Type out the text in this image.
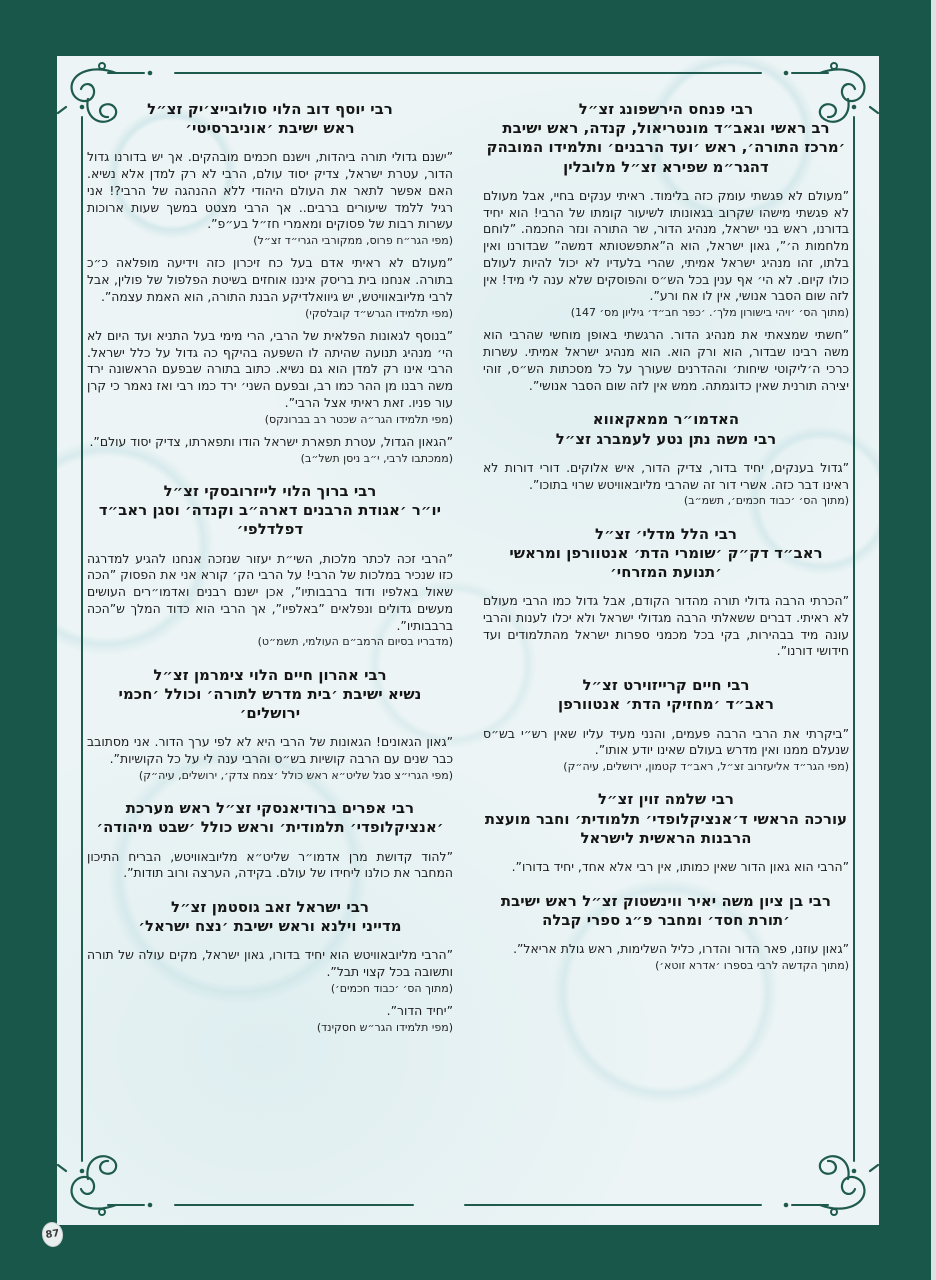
רבי פנחס הירשפונג זצ״ל
רב ראשי וגאב״ד מונטריאול, קנדה, ראש ישיבת ׳מרכז התורה׳, ראש ׳ועד הרבנים׳ ותלמידו המובהק דהגר״מ שפירא זצ״ל מלובלין

”מעולם לא פגשתי עומק כזה בלימוד. ראיתי ענקים בחיי, אבל מעולם לא פגשתי מישהו שקרוב בגאונותו לשיעור קומתו של הרבי! הוא יחיד בדורנו, ראש בני ישראל, מנהיג הדור, שר התורה ונזר החכמה. ”לוחם מלחמות ה׳”, גאון ישראל, הוא ה”אתפשטותא דמשה” שבדורנו ואין בלתו, זהו מנהיג ישראל אמיתי, שהרי בלעדיו לא יכול להיות לעולם כולו קיום. לא הי׳ אף ענין בכל הש״ס והפוסקים שלא ענה לי מיד! אין לזה שום הסבר אנושי, אין לו אח ורע”.

(מתוך הס׳ ׳ויהי בישורון מלך׳. ׳כפר חב״ד׳ גיליון מס׳ 147)

”חשתי שמצאתי את מנהיג הדור. הרגשתי באופן מוחשי שהרבי הוא משה רבינו שבדור, הוא ורק הוא. הוא מנהיג ישראל אמיתי. עשרות כרכי ה׳ליקוטי שיחות׳ וההדרנים שעורך על כל מסכתות הש״ס, זוהי יצירה תורנית שאין כדוגמתה. ממש אין לזה שום הסבר אנושי”.

האדמו״ר ממאקאווא
רבי משה נתן נטע לעמברג זצ״ל

”גדול בענקים, יחיד בדור, צדיק הדור, איש אלוקים. דורי דורות לא ראינו דבר כזה. אשרי דור זה שהרבי מליובאוויטש שרוי בתוכו”.

(מתוך הס׳ ׳כבוד חכמים׳, תשמ״ב)

רבי הלל מדלי׳ זצ״ל
ראב״ד דק״ק ׳שומרי הדת׳ אנטוורפן ומראשי ׳תנועת המזרחי׳

”הכרתי הרבה גדולי תורה מהדור הקודם, אבל גדול כמו הרבי מעולם לא ראיתי. דברים ששאלתי הרבה מגדולי ישראל ולא יכלו לענות והרבי עונה מיד בבהירות, בקי בכל מכמני ספרות ישראל מהתלמודים ועד חידושי דורנו”.

רבי חיים קרייזוירט זצ״ל
ראב״ד ׳מחזיקי הדת׳ אנטוורפן

”ביקרתי את הרבי הרבה פעמים, והנני מעיד עליו שאין רש״י בש״ס שנעלם ממנו ואין מדרש בעולם שאינו יודע אותו”.

(מפי הגר״ד אליעזרוב זצ״ל, ראב״ד קטמון, ירושלים, עיה״ק)

רבי שלמה זוין זצ״ל
עורכה הראשי ד׳אנציקלופדי׳ תלמודית׳ וחבר מועצת הרבנות הראשית לישראל

”הרבי הוא גאון הדור שאין כמותו, אין רבי אלא אחד, יחיד בדורו”.

רבי בן ציון משה יאיר ווינשטוק זצ״ל ראש ישיבת ׳תורת חסד׳ ומחבר פ״ג ספרי קבלה

”גאון עוזנו, פאר הדור והדרו, כליל השלימות, ראש גולת אריאל”.

(מתוך הקדשה לרבי בספרו ׳אדרא זוטא׳)

רבי יוסף דוב הלוי סולובייצ׳יק זצ״ל
ראש ישיבת ׳אוניברסיטי׳

”ישנם גדולי תורה ביהדות, וישנם חכמים מובהקים. אך יש בדורנו גדול הדור, עטרת ישראל, צדיק יסוד עולם, הרבי לא רק למדן אלא נשיא. האם אפשר לתאר את העולם היהודי ללא ההנהגה של הרבי?! אני רגיל ללמד שיעורים ברבים.. אך הרבי מצטט במשך שעות ארוכות עשרות רבות של פסוקים ומאמרי חז״ל בע״פ”.

(מפי הגר״ח פרוס, ממקורבי הגרי״ד זצ״ל)

”מעולם לא ראיתי אדם בעל כח זיכרון כזה וידיעה מופלאה כ״כ בתורה. אנחנו בית בריסק איננו אוחזים בשיטת הפלפול של פולין, אבל לרבי מליובאוויטש, יש גיוואלדיקע הבנת התורה, הוא האמת עצמה”.

(מפי תלמידו הגרש״ד קובלסקי)

”בנוסף לגאונות הפלאית של הרבי, הרי מימי בעל התניא ועד היום לא הי׳ מנהיג תנועה שהיתה לו השפעה בהיקף כה גדול על כלל ישראל. הרבי אינו רק למדן הוא גם נשיא. כתוב בתורה שבפעם הראשונה ירד משה רבנו מן ההר כמו רב, ובפעם השני׳ ירד כמו רבי ואז נאמר כי קרן עור פניו. זאת ראיתי אצל הרבי”.

(מפי תלמידו הגר״ה שכטר רב בברונקס)

”הגאון הגדול, עטרת תפארת ישראל הודו ותפארתו, צדיק יסוד עולם”.

(ממכתבו לרבי, י״ב ניסן תשל״ב)

רבי ברוך הלוי לייזרובסקי זצ״ל
יו״ר ׳אגודת הרבנים דארה״ב וקנדה׳ וסגן ראב״ד דפלדלפי׳

”הרבי זכה לכתר מלכות, השי״ת יעזור שנזכה אנחנו להגיע למדרגה כזו שנכיר במלכות של הרבי! על הרבי הק׳ קורא אני את הפסוק ”הכה שאול באלפיו ודוד ברבבותיו”, אכן ישנם רבנים ואדמו״רים העושים מעשים גדולים ונפלאים ”באלפיו”, אך הרבי הוא כדוד המלך ש”הכה ברבבותיו”.

(מדבריו בסיום הרמב״ם העולמי, תשמ״ט)

רבי אהרון חיים הלוי צימרמן זצ״ל
נשיא ישיבת ׳בית מדרש לתורה׳ וכולל ׳חכמי ירושלים׳

”גאון הגאונים! הגאונות של הרבי היא לא לפי ערך הדור. אני מסתובב כבר שנים עם הרבה קושיות בש״ס והרבי ענה לי על כל הקושיות”.

(מפי הגרי״צ סגל שליט״א ראש כולל ׳צמח צדק׳, ירושלים, עיה״ק)

רבי אפרים ברודיאנסקי זצ״ל ראש מערכת ׳אנציקלופדי׳ תלמודית׳ וראש כולל ׳שבט מיהודה׳

”להוד קדושת מרן אדמו״ר שליט״א מליובאוויטש, הבריח התיכון המחבר את כולנו ליחידו של עולם. בקידה, הערצה ורוב תודות”.

רבי ישראל זאב גוסטמן זצ״ל
מדייני וילנא וראש ישיבת ׳נצח ישראל׳

”הרבי מליובאוויטש הוא יחיד בדורו, גאון ישראל, מקים עולה של תורה ותשובה בכל קצוי תבל”.

(מתוך הס׳ ׳כבוד חכמים׳)

”יחיד הדור”.

(מפי תלמידו הגר״ש חסקינד)

87
